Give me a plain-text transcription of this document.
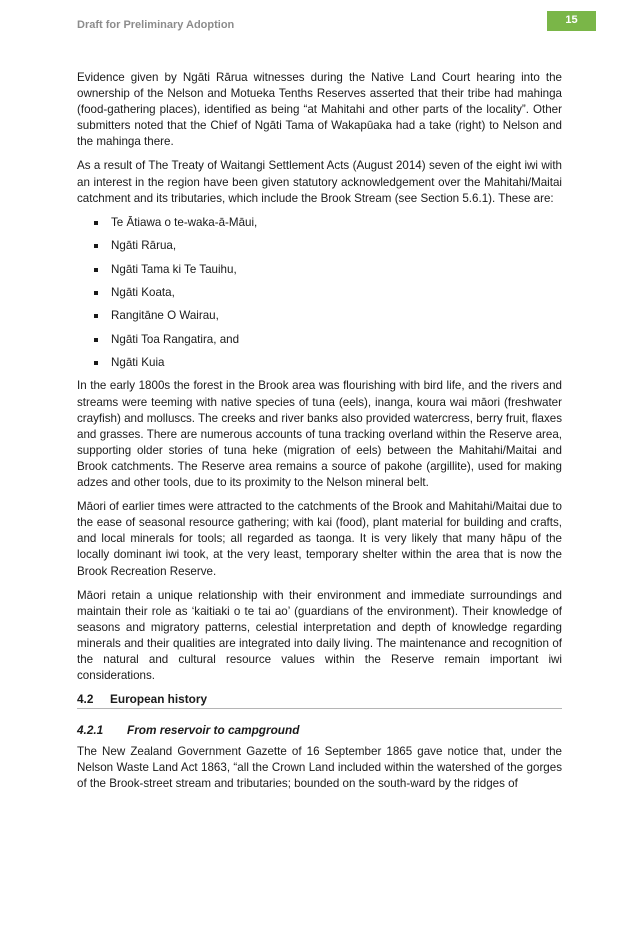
Draft for Preliminary Adoption	15

Evidence given by Ngāti Rārua witnesses during the Native Land Court hearing into the ownership of the Nelson and Motueka Tenths Reserves asserted that their tribe had mahinga (food-gathering places), identified as being “at Mahitahi and other parts of the locality”. Other submitters noted that the Chief of Ngāti Tama of Wakapūaka had a take (right) to Nelson and the mahinga there.

As a result of The Treaty of Waitangi Settlement Acts (August 2014) seven of the eight iwi with an interest in the region have been given statutory acknowledgement over the Mahitahi/Maitai catchment and its tributaries, which include the Brook Stream (see Section 5.6.1). These are:

Te Ātiawa o te-waka-ā-Māui,
Ngāti Rārua,
Ngāti Tama ki Te Tauihu,
Ngāti Koata,
Rangitāne O Wairau,
Ngāti Toa Rangatira, and
Ngāti Kuia

In the early 1800s the forest in the Brook area was flourishing with bird life, and the rivers and streams were teeming with native species of tuna (eels), inanga, koura wai māori (freshwater crayfish) and molluscs. The creeks and river banks also provided watercress, berry fruit, flaxes and grasses. There are numerous accounts of tuna tracking overland within the Reserve area, supporting older stories of tuna heke (migration of eels) between the Mahitahi/Maitai and Brook catchments. The Reserve area remains a source of pakohe (argillite), used for making adzes and other tools, due to its proximity to the Nelson mineral belt.

Māori of earlier times were attracted to the catchments of the Brook and Mahitahi/Maitai due to the ease of seasonal resource gathering; with kai (food), plant material for building and crafts, and local minerals for tools; all regarded as taonga. It is very likely that many hāpu of the locally dominant iwi took, at the very least, temporary shelter within the area that is now the Brook Recreation Reserve.

Māori retain a unique relationship with their environment and immediate surroundings and maintain their role as ‘kaitiaki o te tai ao’ (guardians of the environment). Their knowledge of seasons and migratory patterns, celestial interpretation and depth of knowledge regarding minerals and their qualities are integrated into daily living. The maintenance and recognition of the natural and cultural resource values within the Reserve remain important iwi considerations.

4.2	European history
4.2.1	From reservoir to campground

The New Zealand Government Gazette of 16 September 1865 gave notice that, under the Nelson Waste Land Act 1863, “all the Crown Land included within the watershed of the gorges of the Brook-street stream and tributaries; bounded on the south-ward by the ridges of
